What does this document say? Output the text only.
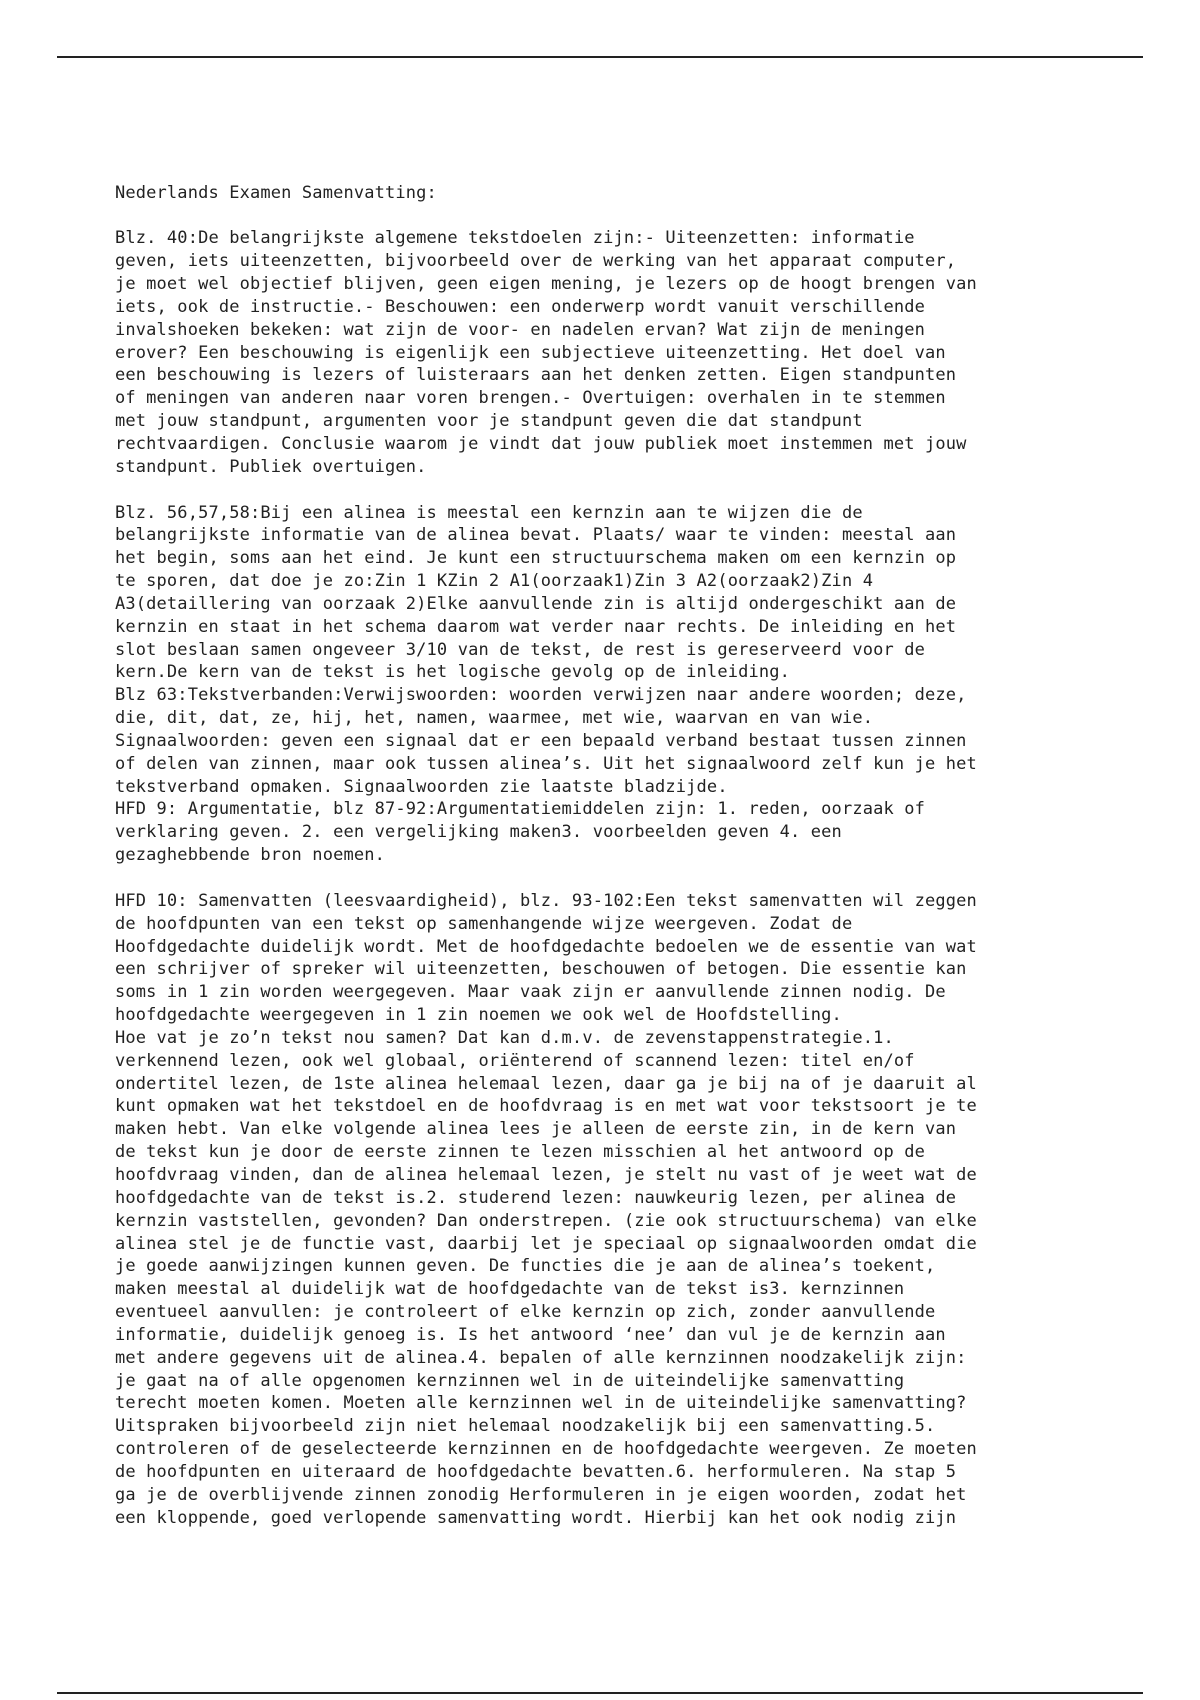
Nederlands Examen Samenvatting:

Blz. 40:De belangrijkste algemene tekstdoelen zijn:- Uiteenzetten: informatie
geven, iets uiteenzetten, bijvoorbeeld over de werking van het apparaat computer,
je moet wel objectief blijven, geen eigen mening, je lezers op de hoogt brengen van
iets, ook de instructie.- Beschouwen: een onderwerp wordt vanuit verschillende
invalshoeken bekeken: wat zijn de voor- en nadelen ervan? Wat zijn de meningen
erover? Een beschouwing is eigenlijk een subjectieve uiteenzetting. Het doel van
een beschouwing is lezers of luisteraars aan het denken zetten. Eigen standpunten
of meningen van anderen naar voren brengen.- Overtuigen: overhalen in te stemmen
met jouw standpunt, argumenten voor je standpunt geven die dat standpunt
rechtvaardigen. Conclusie waarom je vindt dat jouw publiek moet instemmen met jouw
standpunt. Publiek overtuigen.
Blz. 56,57,58:Bij een alinea is meestal een kernzin aan te wijzen die de
belangrijkste informatie van de alinea bevat. Plaats/ waar te vinden: meestal aan
het begin, soms aan het eind. Je kunt een structuurschema maken om een kernzin op
te sporen, dat doe je zo:Zin 1 KZin 2 A1(oorzaak1)Zin 3 A2(oorzaak2)Zin 4
A3(detaillering van oorzaak 2)Elke aanvullende zin is altijd ondergeschikt aan de
kernzin en staat in het schema daarom wat verder naar rechts. De inleiding en het
slot beslaan samen ongeveer 3/10 van de tekst, de rest is gereserveerd voor de
kern.De kern van de tekst is het logische gevolg op de inleiding.
Blz 63:Tekstverbanden:Verwijswoorden: woorden verwijzen naar andere woorden; deze,
die, dit, dat, ze, hij, het, namen, waarmee, met wie, waarvan en van wie.
Signaalwoorden: geven een signaal dat er een bepaald verband bestaat tussen zinnen
of delen van zinnen, maar ook tussen alinea’s. Uit het signaalwoord zelf kun je het
tekstverband opmaken. Signaalwoorden zie laatste bladzijde.
HFD 9: Argumentatie, blz 87-92:Argumentatiemiddelen zijn: 1. reden, oorzaak of
verklaring geven. 2. een vergelijking maken3. voorbeelden geven 4. een
gezaghebbende bron noemen.
HFD 10: Samenvatten (leesvaardigheid), blz. 93-102:Een tekst samenvatten wil zeggen
de hoofdpunten van een tekst op samenhangende wijze weergeven. Zodat de
Hoofdgedachte duidelijk wordt. Met de hoofdgedachte bedoelen we de essentie van wat
een schrijver of spreker wil uiteenzetten, beschouwen of betogen. Die essentie kan
soms in 1 zin worden weergegeven. Maar vaak zijn er aanvullende zinnen nodig. De
hoofdgedachte weergegeven in 1 zin noemen we ook wel de Hoofdstelling.
Hoe vat je zo’n tekst nou samen? Dat kan d.m.v. de zevenstappenstrategie.1.
verkennend lezen, ook wel globaal, oriënterend of scannend lezen: titel en/of
ondertitel lezen, de 1ste alinea helemaal lezen, daar ga je bij na of je daaruit al
kunt opmaken wat het tekstdoel en de hoofdvraag is en met wat voor tekstsoort je te
maken hebt. Van elke volgende alinea lees je alleen de eerste zin, in de kern van
de tekst kun je door de eerste zinnen te lezen misschien al het antwoord op de
hoofdvraag vinden, dan de alinea helemaal lezen, je stelt nu vast of je weet wat de
hoofdgedachte van de tekst is.2. studerend lezen: nauwkeurig lezen, per alinea de
kernzin vaststellen, gevonden? Dan onderstrepen. (zie ook structuurschema) van elke
alinea stel je de functie vast, daarbij let je speciaal op signaalwoorden omdat die
je goede aanwijzingen kunnen geven. De functies die je aan de alinea’s toekent,
maken meestal al duidelijk wat de hoofdgedachte van de tekst is3. kernzinnen
eventueel aanvullen: je controleert of elke kernzin op zich, zonder aanvullende
informatie, duidelijk genoeg is. Is het antwoord ‘nee’ dan vul je de kernzin aan
met andere gegevens uit de alinea.4. bepalen of alle kernzinnen noodzakelijk zijn:
je gaat na of alle opgenomen kernzinnen wel in de uiteindelijke samenvatting
terecht moeten komen. Moeten alle kernzinnen wel in de uiteindelijke samenvatting?
Uitspraken bijvoorbeeld zijn niet helemaal noodzakelijk bij een samenvatting.5.
controleren of de geselecteerde kernzinnen en de hoofdgedachte weergeven. Ze moeten
de hoofdpunten en uiteraard de hoofdgedachte bevatten.6. herformuleren. Na stap 5
ga je de overblijvende zinnen zonodig Herformuleren in je eigen woorden, zodat het
een kloppende, goed verlopende samenvatting wordt. Hierbij kan het ook nodig zijn
